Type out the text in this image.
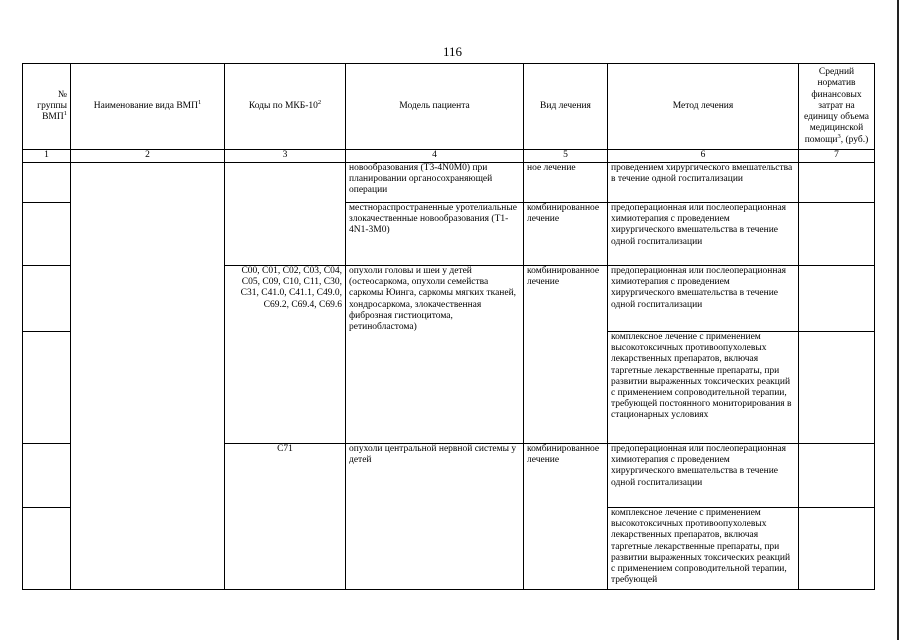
116
№ группы ВМП$^1$	Наименование вида ВМП$^1$	Коды по МКБ-$10^2$	Модель пациента	Вид лечения	Метод лечения	Средний норматив финансовых затрат на единицу объема медицинской помощи$^3$, (руб.)
1	2	3	4	5	6	7
			новообразования (T3-4N0M0) при планировании органосохраняющей операции	ное лечение	проведением хирургического вмешательства в течение одной госпитализации	
			местнораспространенные уротелиальные злокачественные новообразования (T1-4N1-3M0)	комбинированное лечение	предоперационная или послеоперационная химиотерапия с проведением хирургического вмешательства в течение одной госпитализации	
		C00, C01, C02, C03, C04, C05, C09, C10, C11, C30, C31, C41.0, C41.1, C49.0, C69.2, C69.4, C69.6	опухоли головы и шеи у детей (остеосаркома, опухоли семейства саркомы Юинга, саркомы мягких тканей, хондросаркома, злокачественная фиброзная гистиоцитома, ретинобластома)	комбинированное лечение	предоперационная или послеоперационная химиотерапия с проведением хирургического вмешательства в течение одной госпитализации	
					комплексное лечение с применением высокотоксичных противоопухолевых лекарственных препаратов, включая таргетные лекарственные препараты, при развитии выраженных токсических реакций с применением сопроводительной терапии, требующей постоянного мониторирования в стационарных условиях	
		C71	опухоли центральной нервной системы у детей	комбинированное лечение	предоперационная или послеоперационная химиотерапия с проведением хирургического вмешательства в течение одной госпитализации	
					комплексное лечение с применением высокотоксичных противоопухолевых лекарственных препаратов, включая таргетные лекарственные препараты, при развитии выраженных токсических реакций с применением сопроводительной терапии, требующей	
